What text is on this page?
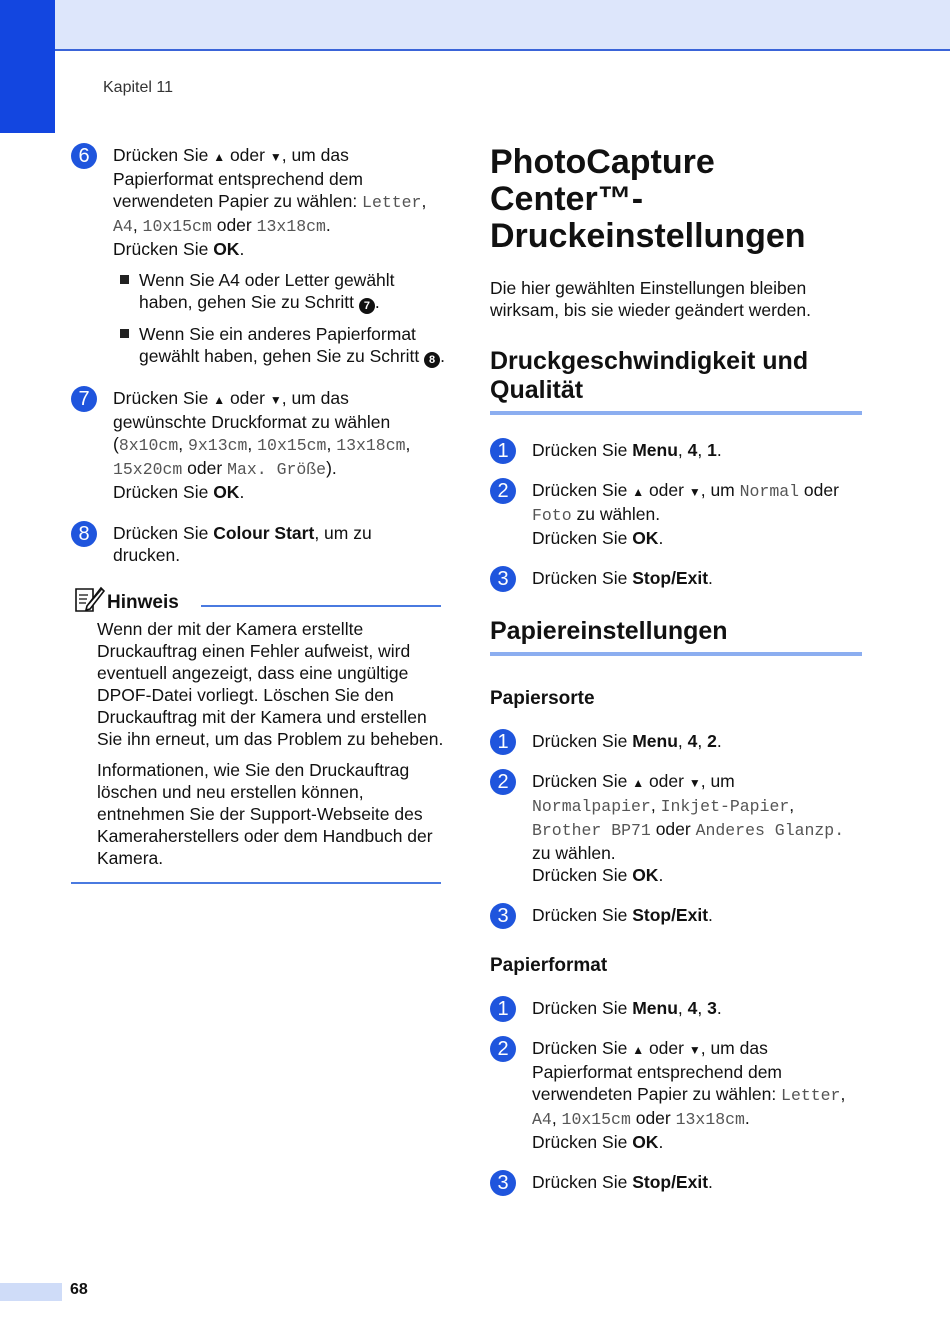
Kapitel 11
6	Drücken Sie ▲ oder ▼, um das Papierformat entsprechend dem verwendeten Papier zu wählen: Letter, A4, 10x15cm oder 13x18cm.
Drücken Sie OK.
Wenn Sie A4 oder Letter gewählt haben, gehen Sie zu Schritt 7 .
Wenn Sie ein anderes Papierformat gewählt haben, gehen Sie zu Schritt 8 .
7	Drücken Sie ▲ oder ▼, um das gewünschte Druckformat zu wählen (8x10cm, 9x13cm, 10x15cm, 13x18cm, 15x20cm oder Max. Größe).
Drücken Sie OK.
8	Drücken Sie Colour Start, um zu drucken.
Hinweis

Wenn der mit der Kamera erstellte Druckauftrag einen Fehler aufweist, wird eventuell angezeigt, dass eine ungültige DPOF-Datei vorliegt. Löschen Sie den Druckauftrag mit der Kamera und erstellen Sie ihn erneut, um das Problem zu beheben.

Informationen, wie Sie den Druckauftrag löschen und neu erstellen können, entnehmen Sie der Support-Webseite des Kameraherstellers oder dem Handbuch der Kamera.

PhotoCapture Center™-Druckeinstellungen
Die hier gewählten Einstellungen bleiben wirksam, bis sie wieder geändert werden.
Druckgeschwindigkeit und Qualität
1	Drücken Sie Menu, 4, 1.
2	Drücken Sie ▲ oder ▼, um Normal oder Foto zu wählen.
Drücken Sie OK.
3	Drücken Sie Stop/Exit.
Papiereinstellungen
Papiersorte
1	Drücken Sie Menu, 4, 2.
2	Drücken Sie ▲ oder ▼, um Normalpapier, Inkjet-Papier, Brother BP71 oder Anderes Glanzp. zu wählen.
Drücken Sie OK.
3	Drücken Sie Stop/Exit.
Papierformat
1	Drücken Sie Menu, 4, 3.
2	Drücken Sie ▲ oder ▼, um das Papierformat entsprechend dem verwendeten Papier zu wählen: Letter, A4, 10x15cm oder 13x18cm.
Drücken Sie OK.
3	Drücken Sie Stop/Exit.
68
